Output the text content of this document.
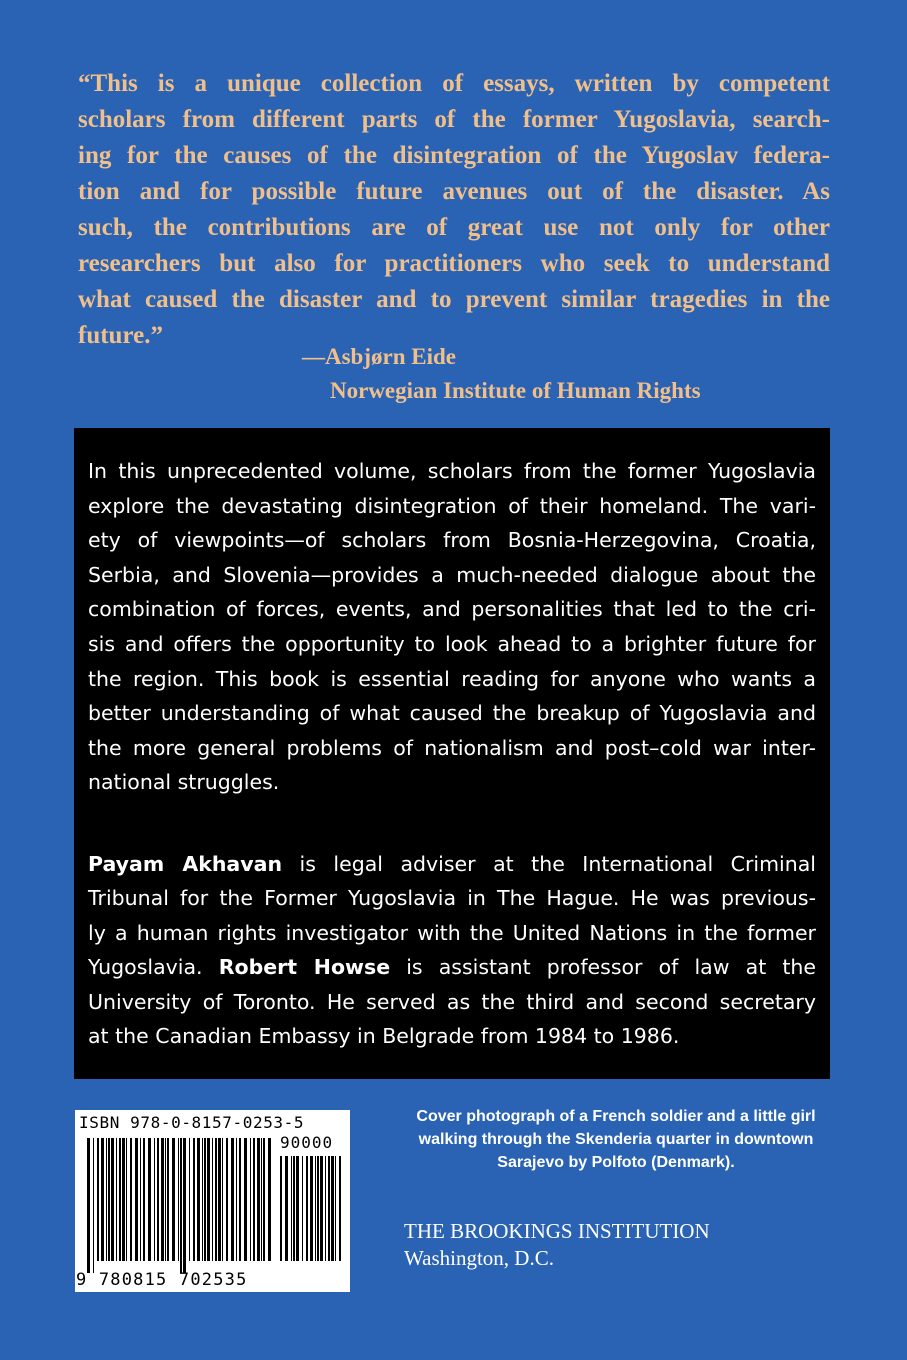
“This is a unique collection of essays, written by competent
scholars from different parts of the former Yugoslavia, search-
ing for the causes of the disintegration of the Yugoslav federa-
tion and for possible future avenues out of the disaster. As
such, the contributions are of great use not only for other
researchers but also for practitioners who seek to understand
what caused the disaster and to prevent similar tragedies in the
future.”
—Asbjørn Eide
Norwegian Institute of Human Rights
In this unprecedented volume, scholars from the former Yugoslavia
explore the devastating disintegration of their homeland. The vari-
ety of viewpoints—of scholars from Bosnia-Herzegovina, Croatia,
Serbia, and Slovenia—provides a much-needed dialogue about the
combination of forces, events, and personalities that led to the cri-
sis and offers the opportunity to look ahead to a brighter future for
the region. This book is essential reading for anyone who wants a
better understanding of what caused the breakup of Yugoslavia and
the more general problems of nationalism and post–cold war inter-
national struggles.
Payam Akhavan is legal adviser at the International Criminal
Tribunal for the Former Yugoslavia in The Hague. He was previous-
ly a human rights investigator with the United Nations in the former
Yugoslavia. Robert Howse is assistant professor of law at the
University of Toronto. He served as the third and second secretary
at the Canadian Embassy in Belgrade from 1984 to 1986.
ISBN 978-0-8157-0253-5
90000
9 780815 702535
Cover photograph of a French soldier and a little girl
walking through the Skenderia quarter in downtown
Sarajevo by Polfoto (Denmark).
THE BROOKINGS INSTITUTION
Washington, D.C.
